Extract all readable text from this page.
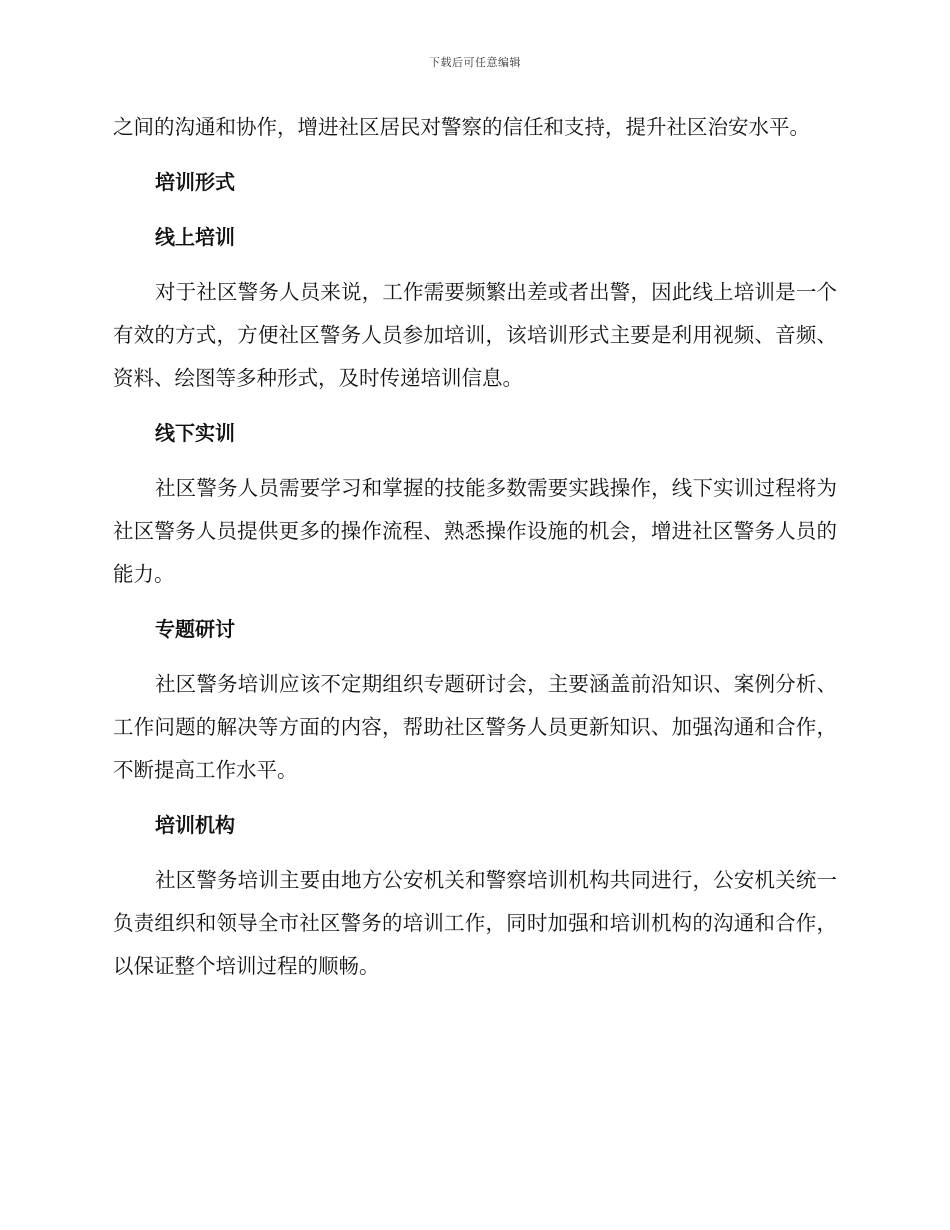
下载后可任意编辑

之间的沟通和协作，增进社区居民对警察的信任和支持，提升社区治安水平。

培训形式
线上培训

对于社区警务人员来说，工作需要频繁出差或者出警，因此线上培训是一个有效的方式，方便社区警务人员参加培训，该培训形式主要是利用视频、音频、资料、绘图等多种形式，及时传递培训信息。

线下实训

社区警务人员需要学习和掌握的技能多数需要实践操作，线下实训过程将为社区警务人员提供更多的操作流程、熟悉操作设施的机会，增进社区警务人员的能力。

专题研讨

社区警务培训应该不定期组织专题研讨会，主要涵盖前沿知识、案例分析、工作问题的解决等方面的内容，帮助社区警务人员更新知识、加强沟通和合作，不断提高工作水平。

培训机构

社区警务培训主要由地方公安机关和警察培训机构共同进行，公安机关统一负责组织和领导全市社区警务的培训工作，同时加强和培训机构的沟通和合作，以保证整个培训过程的顺畅。
